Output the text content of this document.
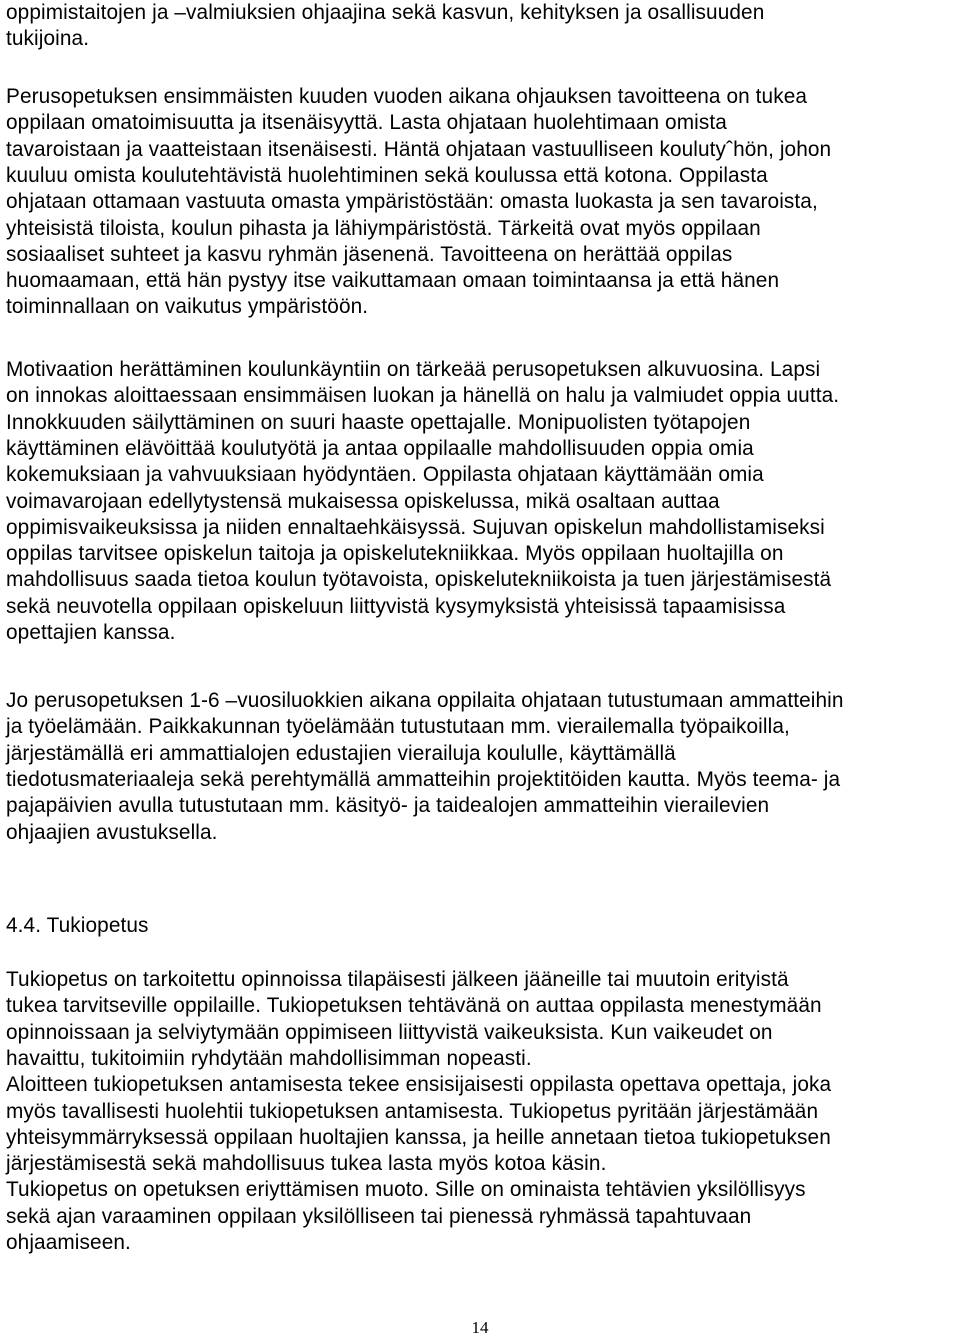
oppimistaitojen ja –valmiuksien ohjaajina sekä kasvun, kehityksen ja osallisuuden
tukijoina.
Perusopetuksen ensimmäisten kuuden vuoden aikana ohjauksen tavoitteena on tukea
oppilaan omatoimisuutta ja itsenäisyyttä. Lasta ohjataan huolehtimaan omista
tavaroistaan ja vaatteistaan itsenäisesti. Häntä ohjataan vastuulliseen koulutyˆhön, johon
kuuluu omista koulutehtävistä huolehtiminen sekä koulussa että kotona. Oppilasta
ohjataan ottamaan vastuuta omasta ympäristöstään: omasta luokasta ja sen tavaroista,
yhteisistä tiloista, koulun pihasta ja lähiympäristöstä. Tärkeitä ovat myös oppilaan
sosiaaliset suhteet ja kasvu ryhmän jäsenenä. Tavoitteena on herättää oppilas
huomaamaan, että hän pystyy itse vaikuttamaan omaan toimintaansa ja että hänen
toiminnallaan on vaikutus ympäristöön.
Motivaation herättäminen koulunkäyntiin on tärkeää perusopetuksen alkuvuosina. Lapsi
on innokas aloittaessaan ensimmäisen luokan ja hänellä on halu ja valmiudet oppia uutta.
Innokkuuden säilyttäminen on suuri haaste opettajalle. Monipuolisten työtapojen
käyttäminen elävöittää koulutyötä ja antaa oppilaalle mahdollisuuden oppia omia
kokemuksiaan ja vahvuuksiaan hyödyntäen. Oppilasta ohjataan käyttämään omia
voimavarojaan edellytystensä mukaisessa opiskelussa, mikä osaltaan auttaa
oppimisvaikeuksissa ja niiden ennaltaehkäisyssä. Sujuvan opiskelun mahdollistamiseksi
oppilas tarvitsee opiskelun taitoja ja opiskelutekniikkaa. Myös oppilaan huoltajilla on
mahdollisuus saada tietoa koulun työtavoista, opiskelutekniikoista ja tuen järjestämisestä
sekä neuvotella oppilaan opiskeluun liittyvistä kysymyksistä yhteisissä tapaamisissa
opettajien kanssa.
Jo perusopetuksen 1-6 –vuosiluokkien aikana oppilaita ohjataan tutustumaan ammatteihin
ja työelämään. Paikkakunnan työelämään tutustutaan mm. vierailemalla työpaikoilla,
järjestämällä eri ammattialojen edustajien vierailuja koululle, käyttämällä
tiedotusmateriaaleja sekä perehtymällä ammatteihin projektitöiden kautta. Myös teema- ja
pajapäivien avulla tutustutaan mm. käsityö- ja taidealojen ammatteihin vierailevien
ohjaajien avustuksella.
4.4. Tukiopetus
Tukiopetus on tarkoitettu opinnoissa tilapäisesti jälkeen jääneille tai muutoin erityistä
tukea tarvitseville oppilaille. Tukiopetuksen tehtävänä on auttaa oppilasta menestymään
opinnoissaan ja selviytymään oppimiseen liittyvistä vaikeuksista. Kun vaikeudet on
havaittu, tukitoimiin ryhdytään mahdollisimman nopeasti.
Aloitteen tukiopetuksen antamisesta tekee ensisijaisesti oppilasta opettava opettaja, joka
myös tavallisesti huolehtii tukiopetuksen antamisesta. Tukiopetus pyritään järjestämään
yhteisymmärryksessä oppilaan huoltajien kanssa, ja heille annetaan tietoa tukiopetuksen
järjestämisestä sekä mahdollisuus tukea lasta myös kotoa käsin.
Tukiopetus on opetuksen eriyttämisen muoto. Sille on ominaista tehtävien yksilöllisyys
sekä ajan varaaminen oppilaan yksilölliseen tai pienessä ryhmässä tapahtuvaan
ohjaamiseen.
14
